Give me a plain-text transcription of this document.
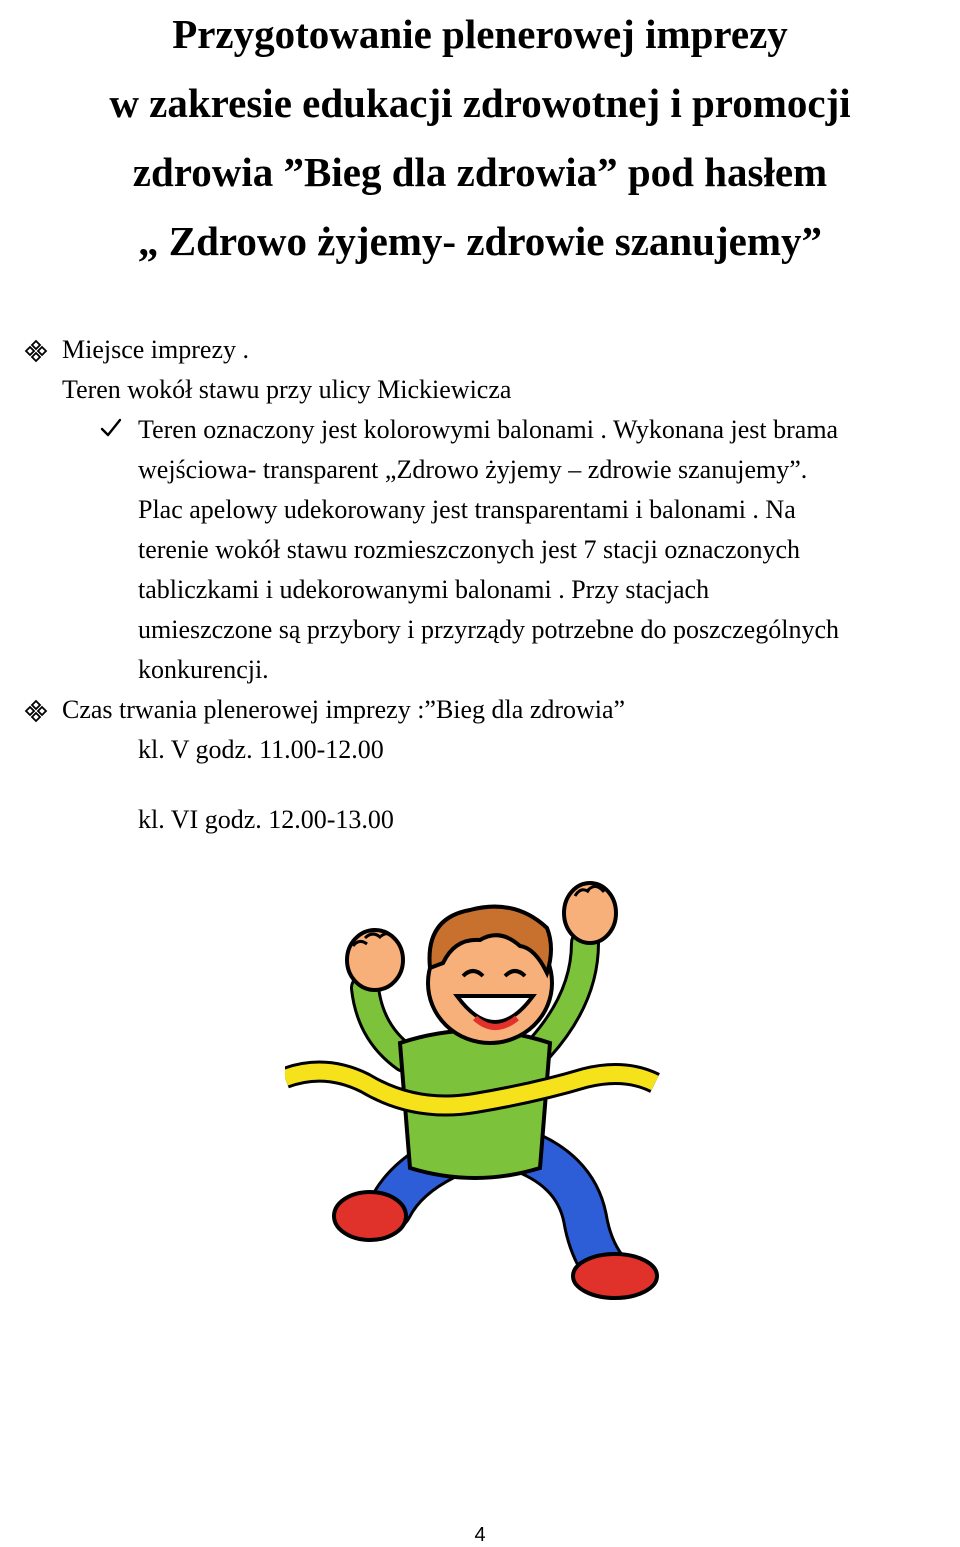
Przygotowanie plenerowej imprezy
w zakresie edukacji zdrowotnej i promocji
zdrowia ”Bieg dla zdrowia” pod hasłem
„ Zdrowo żyjemy- zdrowie szanujemy”
Miejsce imprezy .
Teren wokół stawu przy ulicy Mickiewicza
Teren oznaczony jest kolorowymi balonami . Wykonana jest brama
wejściowa- transparent „Zdrowo żyjemy – zdrowie szanujemy”.
Plac apelowy udekorowany jest transparentami i balonami . Na
terenie wokół stawu rozmieszczonych jest 7 stacji oznaczonych
tabliczkami i udekorowanymi balonami . Przy stacjach
umieszczone są przybory i przyrządy potrzebne do poszczególnych
konkurencji.
Czas trwania plenerowej imprezy :”Bieg dla zdrowia”
kl. V godz. 11.00-12.00
kl. VI godz. 12.00-13.00
4
